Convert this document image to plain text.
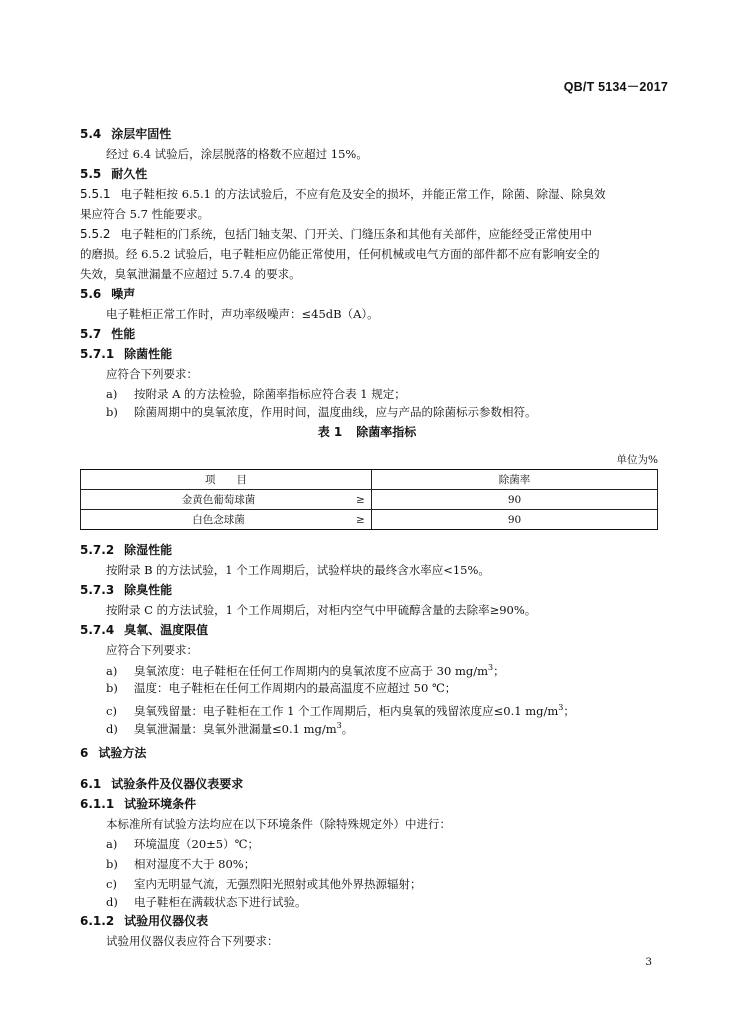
QB/T 5134－2017
5.4 涂层牢固性
经过 6.4 试验后，涂层脱落的格数不应超过 15%。
5.5 耐久性
5.5.1 电子鞋柜按 6.5.1 的方法试验后，不应有危及安全的损坏，并能正常工作，除菌、除湿、除臭效
果应符合 5.7 性能要求。
5.5.2 电子鞋柜的门系统，包括门轴支架、门开关、门缝压条和其他有关部件，应能经受正常使用中
的磨损。经 6.5.2 试验后，电子鞋柜应仍能正常使用，任何机械或电气方面的部件都不应有影响安全的
失效，臭氧泄漏量不应超过 5.7.4 的要求。
5.6 噪声
电子鞋柜正常工作时，声功率级噪声：≤45dB（A）。
5.7 性能
5.7.1 除菌性能
应符合下列要求：
a) 按附录 A 的方法检验，除菌率指标应符合表 1 规定；
b) 除菌周期中的臭氧浓度，作用时间，温度曲线，应与产品的除菌标示参数相符。
表 1 除菌率指标
单位为%
项　　目		除菌率
金黄色葡萄球菌	≥	90
白色念球菌	≥	90
5.7.2 除湿性能
按附录 B 的方法试验，1 个工作周期后，试验样块的最终含水率应<15%。
5.7.3 除臭性能
按附录 C 的方法试验，1 个工作周期后，对柜内空气中甲硫醇含量的去除率≥90%。
5.7.4 臭氧、温度限值
应符合下列要求：
a) 臭氧浓度：电子鞋柜在任何工作周期内的臭氧浓度不应高于 30 $mg/m^3$；
b) 温度：电子鞋柜在任何工作周期内的最高温度不应超过 50 ℃；
c) 臭氧残留量：电子鞋柜在工作 1 个工作周期后，柜内臭氧的残留浓度应≤0.1 $mg/m^3$；
d) 臭氧泄漏量：臭氧外泄漏量≤0.1 $mg/m^3$。
6 试验方法
6.1 试验条件及仪器仪表要求
6.1.1 试验环境条件
本标准所有试验方法均应在以下环境条件（除特殊规定外）中进行：
a) 环境温度（20±5）℃；
b) 相对湿度不大于 80%；
c) 室内无明显气流，无强烈阳光照射或其他外界热源辐射；
d) 电子鞋柜在满载状态下进行试验。
6.1.2 试验用仪器仪表
试验用仪器仪表应符合下列要求：
3
